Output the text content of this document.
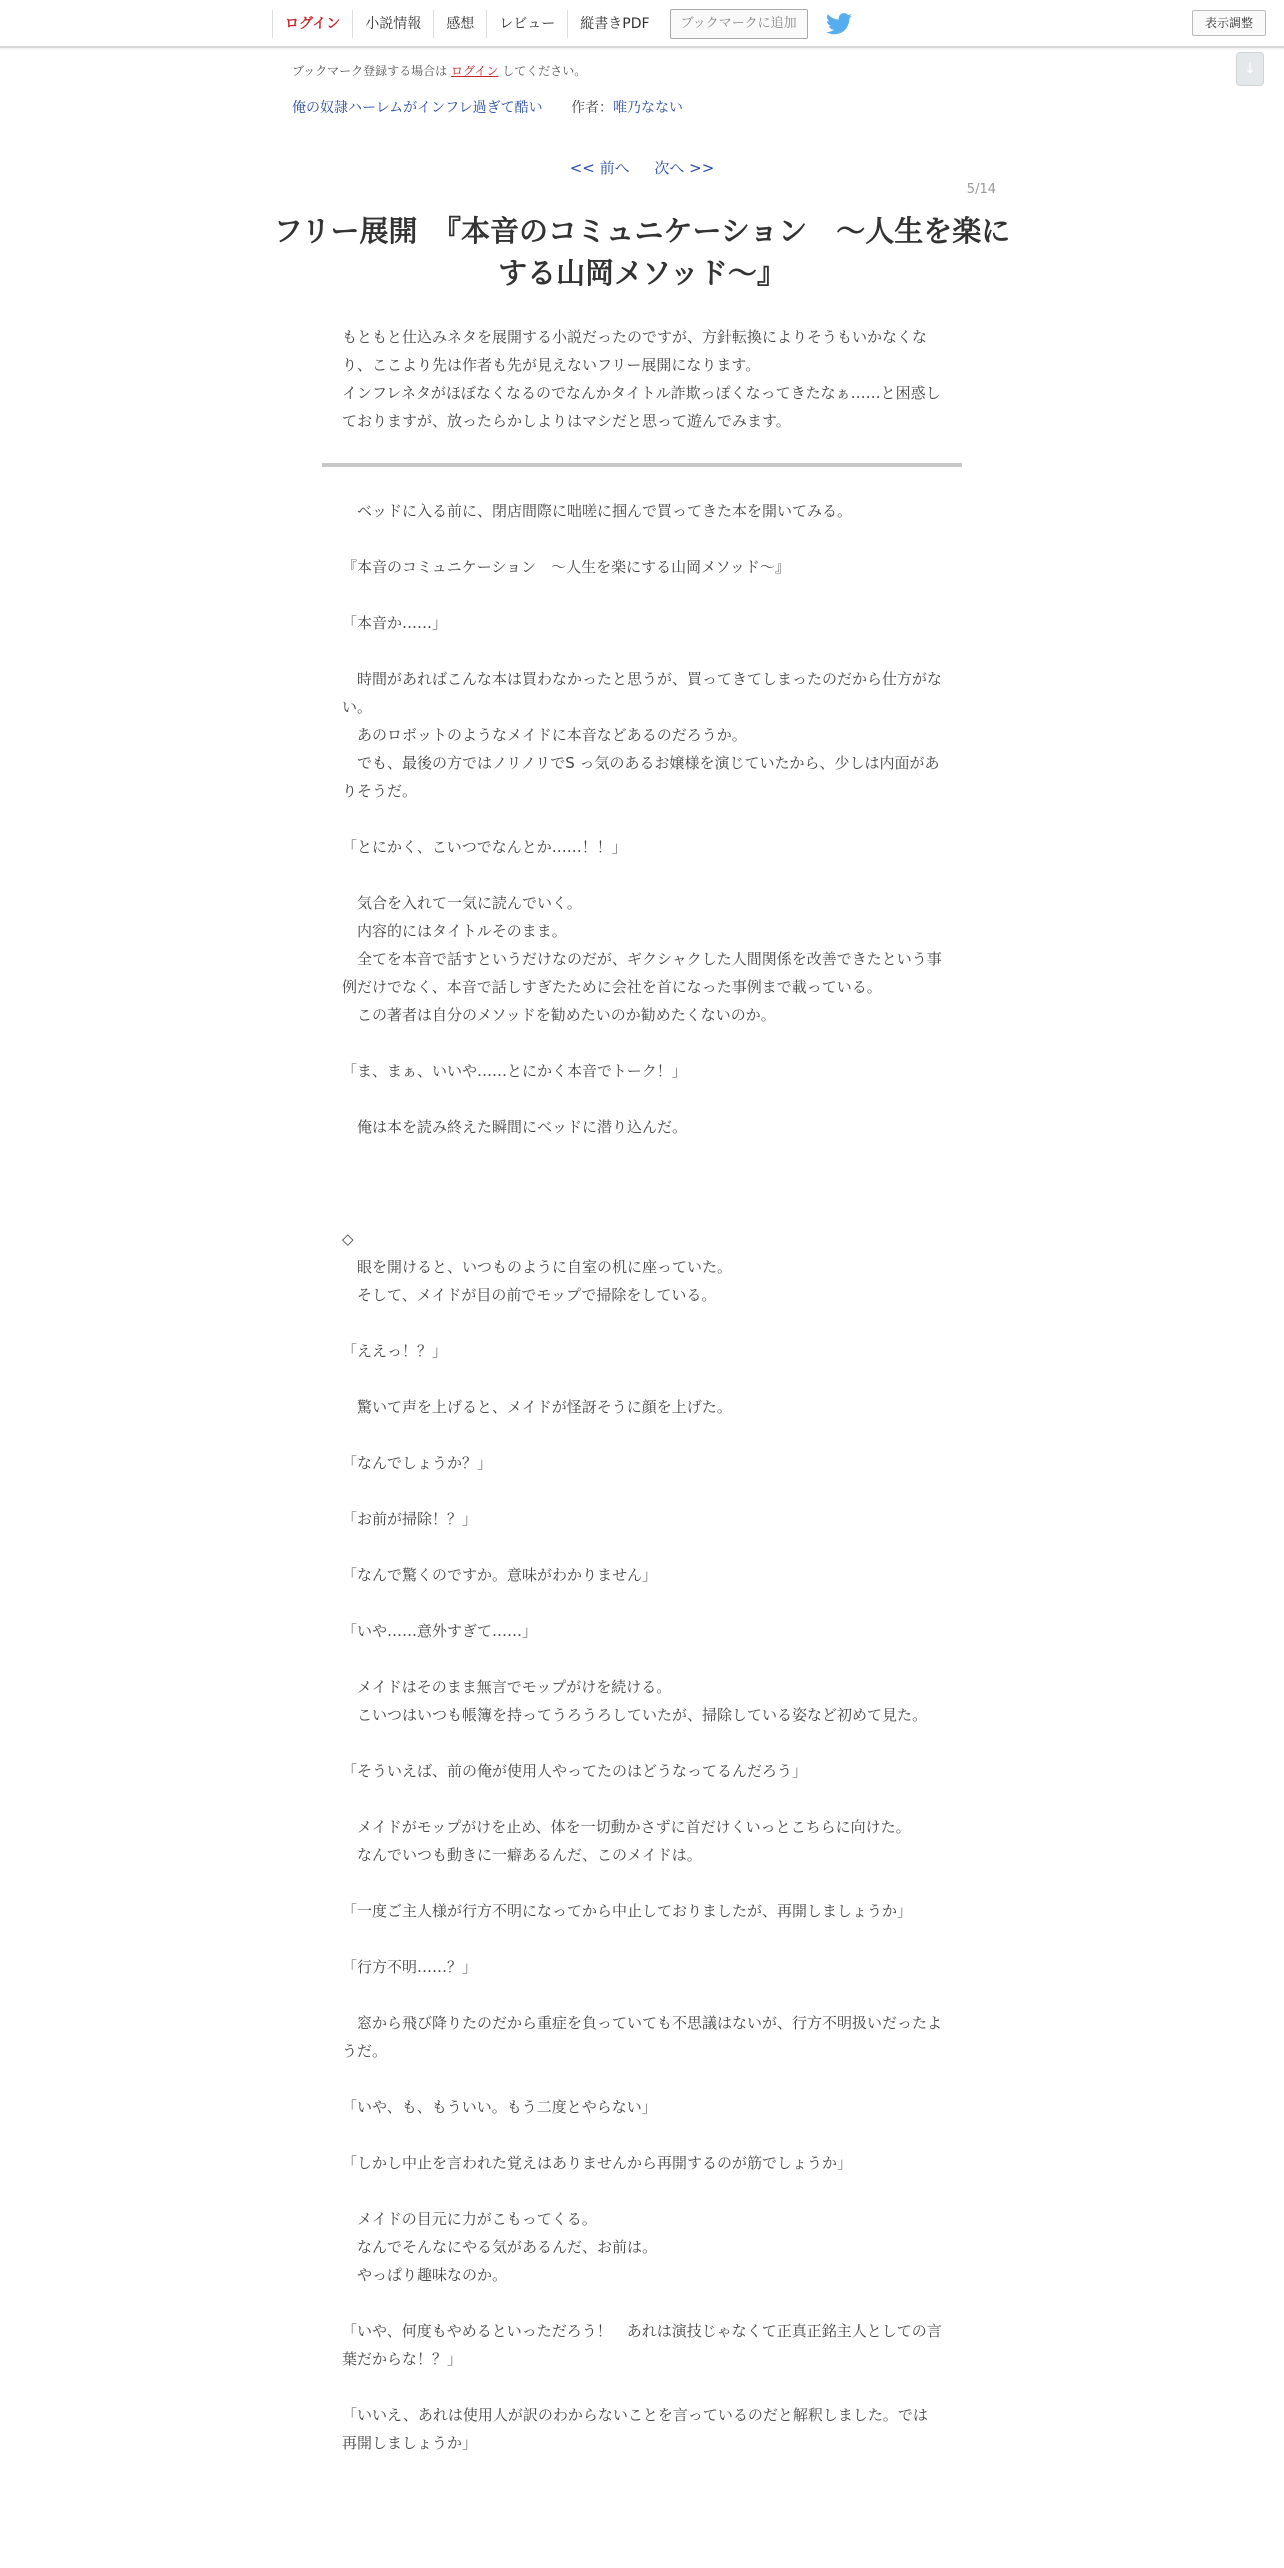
ログイン	小説情報	感想	レビュー	縦書きPDF	ブックマークに追加	表示調整
↓
ブックマーク登録する場合は ログイン してください。
俺の奴隷ハーレムがインフレ過ぎて酷い 作者：唯乃なない
<< 前へ 次へ >>
5/14
フリー展開　『本音のコミュニケーション　～人生を楽にする山岡メソッド～』

もともと仕込みネタを展開する小説だったのですが、方針転換によりそうもいかなくなり、ここより先は作者も先が見えないフリー展開になります。

インフレネタがほぼなくなるのでなんかタイトル詐欺っぽくなってきたなぁ……と困惑しておりますが、放ったらかしよりはマシだと思って遊んでみます。

　ベッドに入る前に、閉店間際に咄嗟に掴んで買ってきた本を開いてみる。

『本音のコミュニケーション　～人生を楽にする山岡メソッド～』

「本音か……」

　時間があればこんな本は買わなかったと思うが、買ってきてしまったのだから仕方がない。

　あのロボットのようなメイドに本音などあるのだろうか。

　でも、最後の方ではノリノリでS っ気のあるお嬢様を演じていたから、少しは内面がありそうだ。

「とにかく、こいつでなんとか……！！」

　気合を入れて一気に読んでいく。

　内容的にはタイトルそのまま。

　全てを本音で話すというだけなのだが、ギクシャクした人間関係を改善できたという事例だけでなく、本音で話しすぎたために会社を首になった事例まで載っている。

　この著者は自分のメソッドを勧めたいのか勧めたくないのか。

「ま、まぁ、いいや……とにかく本音でトーク！」

　俺は本を読み終えた瞬間にベッドに潜り込んだ。

◇

　眼を開けると、いつものように自室の机に座っていた。

　そして、メイドが目の前でモップで掃除をしている。

「ええっ！？」

　驚いて声を上げると、メイドが怪訝そうに顔を上げた。

「なんでしょうか？」

「お前が掃除！？」

「なんで驚くのですか。意味がわかりません」

「いや……意外すぎて……」

　メイドはそのまま無言でモップがけを続ける。

　こいつはいつも帳簿を持ってうろうろしていたが、掃除している姿など初めて見た。

「そういえば、前の俺が使用人やってたのはどうなってるんだろう」

　メイドがモップがけを止め、体を一切動かさずに首だけくいっとこちらに向けた。

　なんでいつも動きに一癖あるんだ、このメイドは。

「一度ご主人様が行方不明になってから中止しておりましたが、再開しましょうか」

「行方不明……？」

　窓から飛び降りたのだから重症を負っていても不思議はないが、行方不明扱いだったようだ。

「いや、も、もういい。もう二度とやらない」

「しかし中止を言われた覚えはありませんから再開するのが筋でしょうか」

　メイドの目元に力がこもってくる。

　なんでそんなにやる気があるんだ、お前は。

　やっぱり趣味なのか。

「いや、何度もやめるといっただろう！　あれは演技じゃなくて正真正銘主人としての言葉だからな！？」

「いいえ、あれは使用人が訳のわからないことを言っているのだと解釈しました。では再開しましょうか」
